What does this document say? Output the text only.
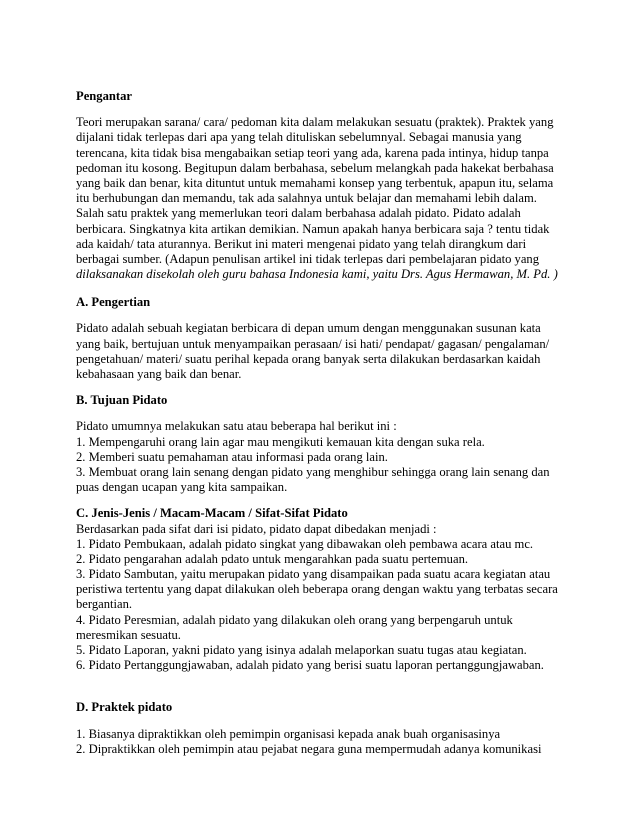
Pengantar
Teori merupakan sarana/ cara/ pedoman kita dalam melakukan sesuatu (praktek). Praktek yang
dijalani tidak terlepas dari apa yang telah dituliskan sebelumnyal. Sebagai manusia yang
terencana, kita tidak bisa mengabaikan setiap teori yang ada, karena pada intinya, hidup tanpa
pedoman itu kosong. Begitupun dalam berbahasa, sebelum melangkah pada hakekat berbahasa
yang baik dan benar, kita dituntut untuk memahami konsep yang terbentuk, apapun itu, selama
itu berhubungan dan memandu, tak ada salahnya untuk belajar dan memahami lebih dalam.
Salah satu praktek yang memerlukan teori dalam berbahasa adalah pidato. Pidato adalah
berbicara. Singkatnya kita artikan demikian. Namun apakah hanya berbicara saja ? tentu tidak
ada kaidah/ tata aturannya. Berikut ini materi mengenai pidato yang telah dirangkum dari
berbagai sumber. (Adapun penulisan artikel ini tidak terlepas dari pembelajaran pidato yang
dilaksanakan disekolah oleh guru bahasa Indonesia kami, yaitu Drs. Agus Hermawan, M. Pd. )
A. Pengertian
Pidato adalah sebuah kegiatan berbicara di depan umum dengan menggunakan susunan kata
yang baik, bertujuan untuk menyampaikan perasaan/ isi hati/ pendapat/ gagasan/ pengalaman/
pengetahuan/ materi/ suatu perihal kepada orang banyak serta dilakukan berdasarkan kaidah
kebahasaan yang baik dan benar.
B. Tujuan Pidato
Pidato umumnya melakukan satu atau beberapa hal berikut ini :
1. Mempengaruhi orang lain agar mau mengikuti kemauan kita dengan suka rela.
2. Memberi suatu pemahaman atau informasi pada orang lain.
3. Membuat orang lain senang dengan pidato yang menghibur sehingga orang lain senang dan
puas dengan ucapan yang kita sampaikan.
C. Jenis-Jenis / Macam-Macam / Sifat-Sifat Pidato
Berdasarkan pada sifat dari isi pidato, pidato dapat dibedakan menjadi :
1. Pidato Pembukaan, adalah pidato singkat yang dibawakan oleh pembawa acara atau mc.
2. Pidato pengarahan adalah pdato untuk mengarahkan pada suatu pertemuan.
3. Pidato Sambutan, yaitu merupakan pidato yang disampaikan pada suatu acara kegiatan atau
peristiwa tertentu yang dapat dilakukan oleh beberapa orang dengan waktu yang terbatas secara
bergantian.
4. Pidato Peresmian, adalah pidato yang dilakukan oleh orang yang berpengaruh untuk
meresmikan sesuatu.
5. Pidato Laporan, yakni pidato yang isinya adalah melaporkan suatu tugas atau kegiatan.
6. Pidato Pertanggungjawaban, adalah pidato yang berisi suatu laporan pertanggungjawaban.
D. Praktek pidato
1. Biasanya dipraktikkan oleh pemimpin organisasi kepada anak buah organisasinya
2. Dipraktikkan oleh pemimpin atau pejabat negara guna mempermudah adanya komunikasi
